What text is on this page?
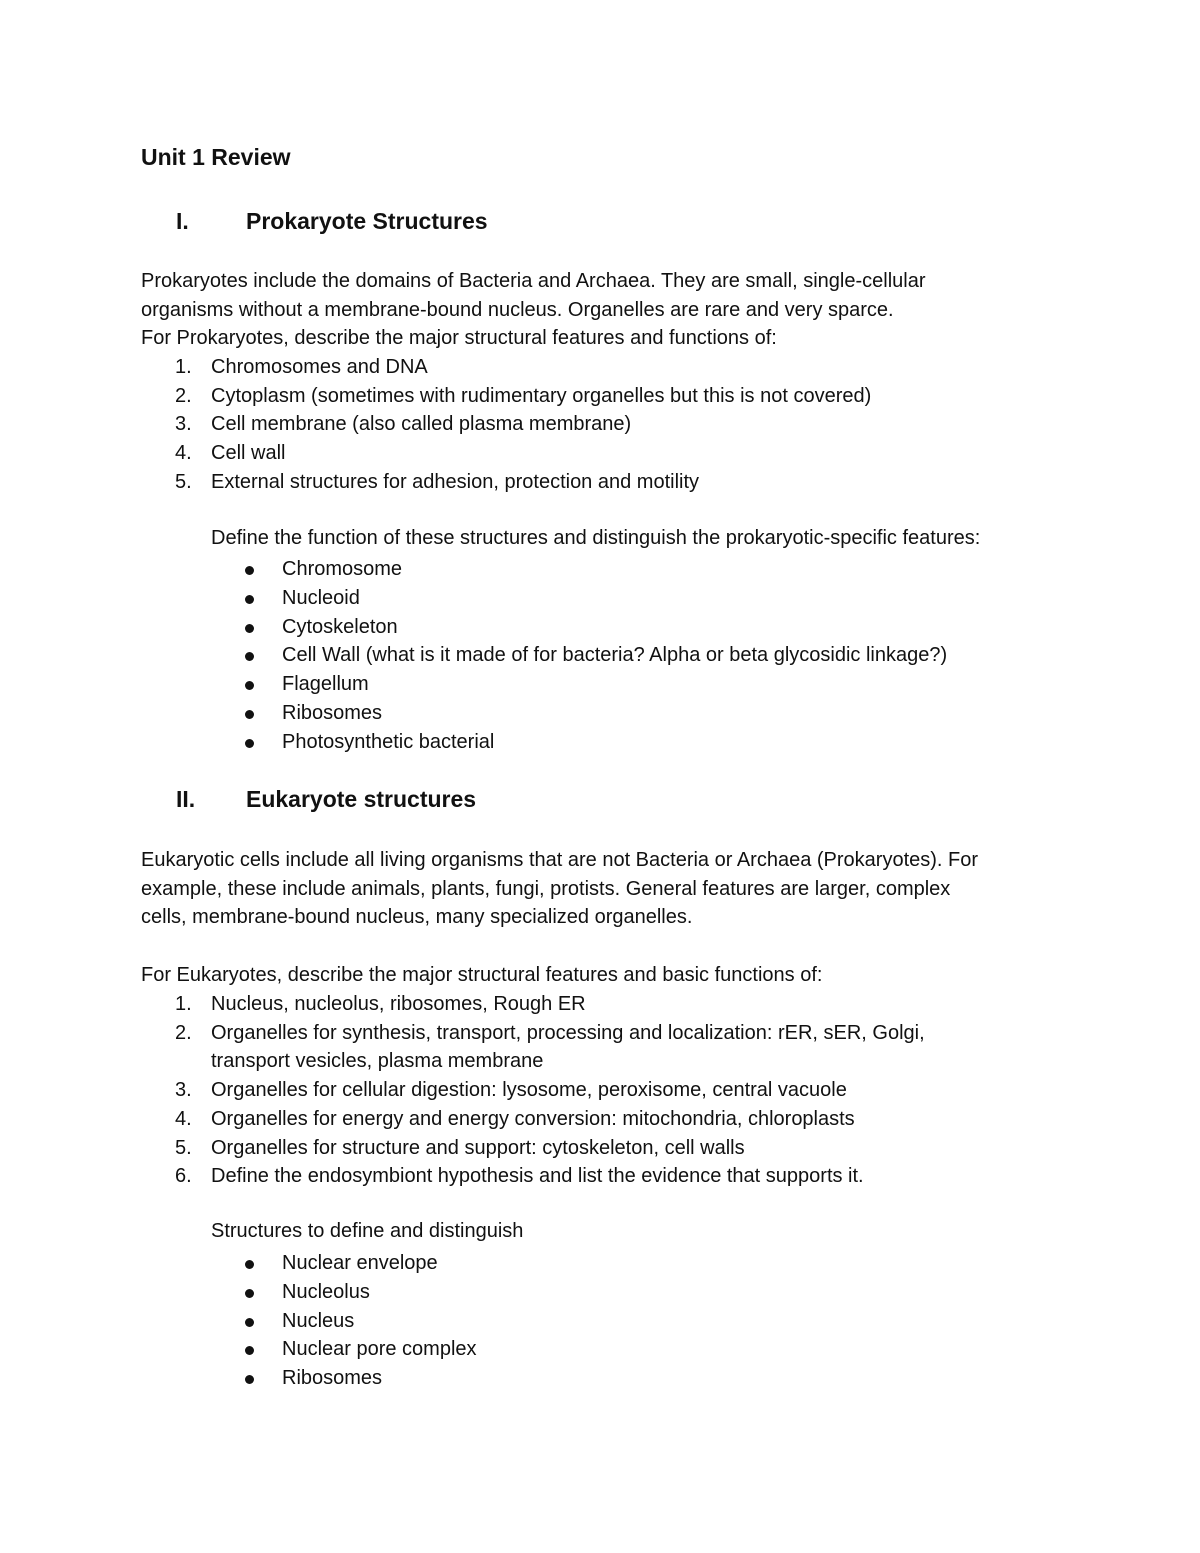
Unit 1 Review
I. Prokaryote Structures
Prokaryotes include the domains of Bacteria and Archaea. They are small, single-cellular
organisms without a membrane-bound nucleus. Organelles are rare and very sparce.
For Prokaryotes, describe the major structural features and functions of:
1. Chromosomes and DNA
2. Cytoplasm (sometimes with rudimentary organelles but this is not covered)
3. Cell membrane (also called plasma membrane)
4. Cell wall
5. External structures for adhesion, protection and motility
Define the function of these structures and distinguish the prokaryotic-specific features:
Chromosome
Nucleoid
Cytoskeleton
Cell Wall (what is it made of for bacteria? Alpha or beta glycosidic linkage?)
Flagellum
Ribosomes
Photosynthetic bacterial
II. Eukaryote structures
Eukaryotic cells include all living organisms that are not Bacteria or Archaea (Prokaryotes). For
example, these include animals, plants, fungi, protists. General features are larger, complex
cells, membrane-bound nucleus, many specialized organelles.
For Eukaryotes, describe the major structural features and basic functions of:
1. Nucleus, nucleolus, ribosomes, Rough ER
2. Organelles for synthesis, transport, processing and localization: rER, sER, Golgi,
transport vesicles, plasma membrane
3. Organelles for cellular digestion: lysosome, peroxisome, central vacuole
4. Organelles for energy and energy conversion: mitochondria, chloroplasts
5. Organelles for structure and support: cytoskeleton, cell walls
6. Define the endosymbiont hypothesis and list the evidence that supports it.
Structures to define and distinguish
Nuclear envelope
Nucleolus
Nucleus
Nuclear pore complex
Ribosomes
